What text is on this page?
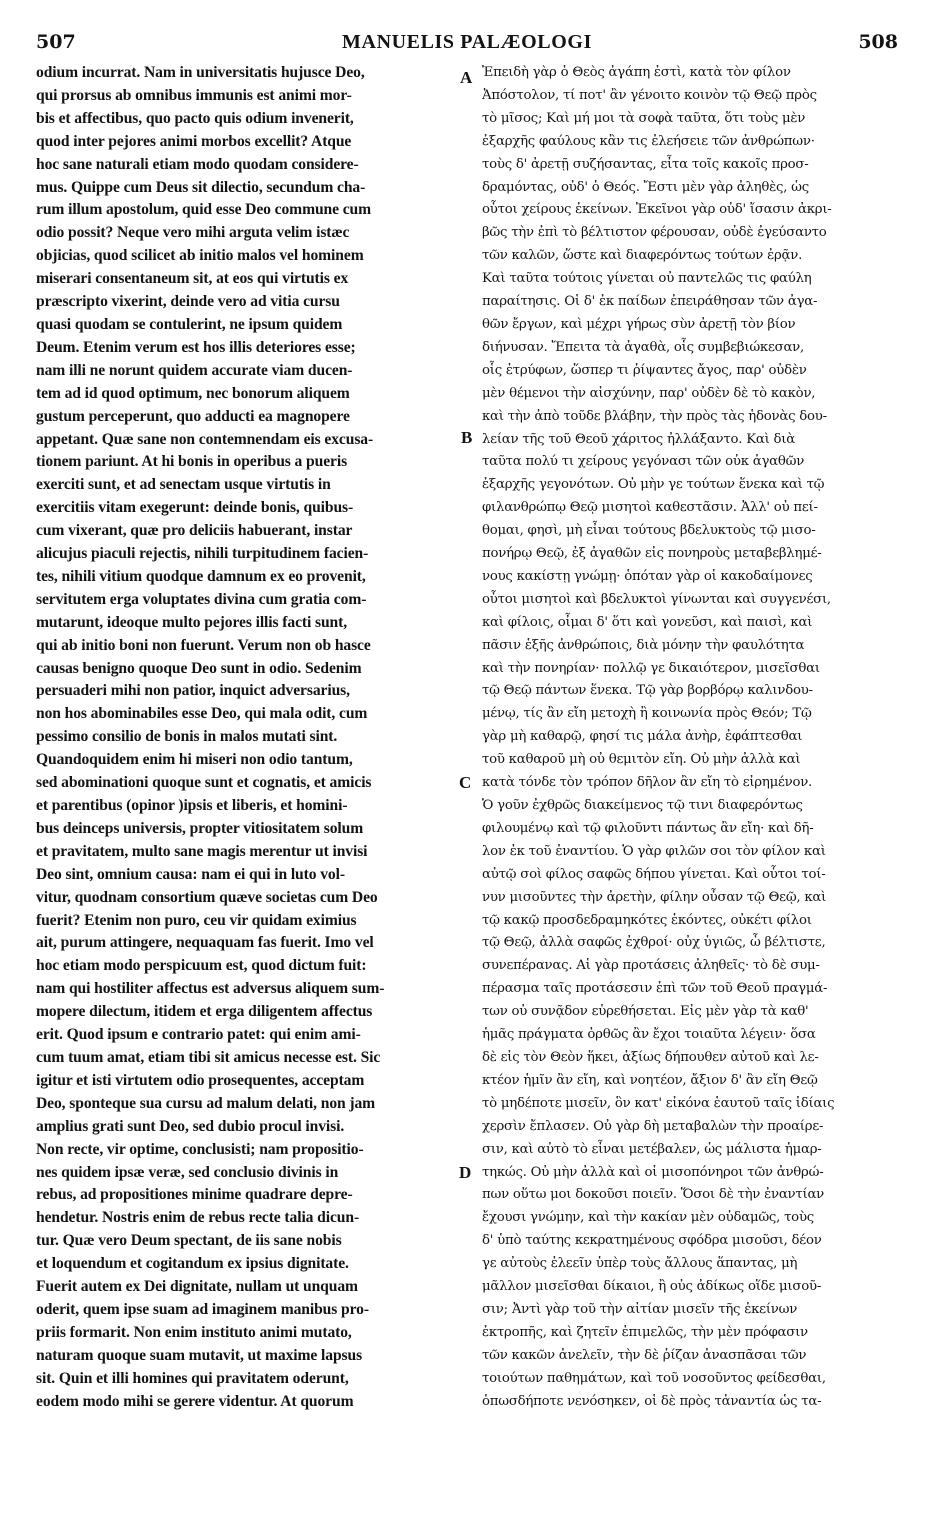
507	MANUELIS PALÆOLOGI	508
odium incurrat. Nam in universitatis hujusce Deo,
qui prorsus ab omnibus immunis est animi mor-
bis et affectibus, quo pacto quis odium invenerit,
quod inter pejores animi morbos excellit? Atque
hoc sane naturali etiam modo quodam considere-
mus. Quippe cum Deus sit dilectio, secundum cha-
rum illum apostolum, quid esse Deo commune cum
odio possit? Neque vero mihi arguta velim istæc
objicias, quod scilicet ab initio malos vel hominem
miserari consentaneum sit, at eos qui virtutis ex
præscripto vixerint, deinde vero ad vitia cursu
quasi quodam se contulerint, ne ipsum quidem
Deum. Etenim verum est hos illis deteriores esse;
nam illi ne norunt quidem accurate viam ducen-
tem ad id quod optimum, nec bonorum aliquem
gustum perceperunt, quo adducti ea magnopere
appetant. Quæ sane non contemnendam eis excusa-
tionem pariunt. At hi bonis in operibus a pueris
exerciti sunt, et ad senectam usque virtutis in
exercitiis vitam exegerunt: deinde bonis, quibus-
cum vixerant, quæ pro deliciis habuerant, instar
alicujus piaculi rejectis, nihili turpitudinem facien-
tes, nihili vitium quodque damnum ex eo provenit,
servitutem erga voluptates divina cum gratia com-
mutarunt, ideoque multo pejores illis facti sunt,
qui ab initio boni non fuerunt. Verum non ob hasce
causas benigno quoque Deo sunt in odio. Sedenim
persuaderi mihi non patior, inquict adversarius,
non hos abominabiles esse Deo, qui mala odit, cum
pessimo consilio de bonis in malos mutati sint.
Quandoquidem enim hi miseri non odio tantum,
sed abominationi quoque sunt et cognatis, et amicis
et parentibus (opinor )ipsis et liberis, et homini-
bus deinceps universis, propter vitiositatem solum
et pravitatem, multo sane magis merentur ut invisi
Deo sint, omnium causa: nam ei qui in luto vol-
vitur, quodnam consortium quæve societas cum Deo
fuerit? Etenim non puro, ceu vir quidam eximius
ait, purum attingere, nequaquam fas fuerit. Imo vel
hoc etiam modo perspicuum est, quod dictum fuit:
nam qui hostiliter affectus est adversus aliquem sum-
mopere dilectum, itidem et erga diligentem affectus
erit. Quod ipsum e contrario patet: qui enim ami-
cum tuum amat, etiam tibi sit amicus necesse est. Sic
igitur et isti virtutem odio prosequentes, acceptam
Deo, sponteque sua cursu ad malum delati, non jam
amplius grati sunt Deo, sed dubio procul invisi.
Non recte, vir optime, conclusisti; nam propositio-
nes quidem ipsæ veræ, sed conclusio divinis in
rebus, ad propositiones minime quadrare depre-
hendetur. Nostris enim de rebus recte talia dicun-
tur. Quæ vero Deum spectant, de iis sane nobis
et loquendum et cogitandum ex ipsius dignitate.
Fuerit autem ex Dei dignitate, nullam ut unquam
oderit, quem ipse suam ad imaginem manibus pro-
priis formarit. Non enim instituto animi mutato,
naturam quoque suam mutavit, ut maxime lapsus
sit. Quin et illi homines qui pravitatem oderunt,
eodem modo mihi se gerere videntur. At quorum
Ἐπειδὴ γὰρ ὁ Θεὸς ἀγάπη ἐστὶ, κατὰ τὸν φίλον
Ἀπόστολον, τί ποτ' ἂν γένοιτο κοινὸν τῷ Θεῷ πρὸς
τὸ μῖσος; Καὶ μή μοι τὰ σοφὰ ταῦτα, ὅτι τοὺς μὲν
ἐξαρχῆς φαύλους κἂν τις ἐλεήσειε τῶν ἀνθρώπων·
τοὺς δ' ἀρετῇ συζήσαντας, εἶτα τοῖς κακοῖς προσ-
δραμόντας, οὐδ' ὁ Θεός. Ἔστι μὲν γὰρ ἀληθὲς, ὡς
οὗτοι χείρους ἐκείνων. Ἐκεῖνοι γὰρ οὐδ' ἴσασιν ἀκρι-
βῶς τὴν ἐπὶ τὸ βέλτιστον φέρουσαν, οὐδὲ ἐγεύσαντο
τῶν καλῶν, ὥστε καὶ διαφερόντως τούτων ἐρᾷν.
Καὶ ταῦτα τούτοις γίνεται οὐ παντελῶς τις φαύλη
παραίτησις. Οἱ δ' ἐκ παίδων ἐπειράθησαν τῶν ἀγα-
θῶν ἔργων, καὶ μέχρι γήρως σὺν ἀρετῇ τὸν βίον
διήνυσαν. Ἔπειτα τὰ ἀγαθὰ, οἷς συμβεβιώκεσαν,
οἷς ἐτρύφων, ὥσπερ τι ῥίψαντες ἄγος, παρ' οὐδὲν
μὲν θέμενοι τὴν αἰσχύνην, παρ' οὐδὲν δὲ τὸ κακὸν,
καὶ τὴν ἀπὸ τοῦδε βλάβην, τὴν πρὸς τὰς ἡδονὰς δου-
λείαν τῆς τοῦ Θεοῦ χάριτος ἠλλάξαντο. Καὶ διὰ
ταῦτα πολύ τι χείρους γεγόνασι τῶν οὐκ ἀγαθῶν
ἐξαρχῆς γεγονότων. Οὐ μὴν γε τούτων ἕνεκα καὶ τῷ
φιλανθρώπῳ Θεῷ μισητοὶ καθεστᾶσιν. Ἀλλ' οὐ πεί-
θομαι, φησὶ, μὴ εἶναι τούτους βδελυκτοὺς τῷ μισο-
πονήρῳ Θεῷ, ἐξ ἀγαθῶν εἰς πονηροὺς μεταβεβλημέ-
νους κακίστῃ γνώμῃ· ὁπόταν γὰρ οἱ κακοδαίμονες
οὗτοι μισητοὶ καὶ βδελυκτοὶ γίνωνται καὶ συγγενέσι,
καὶ φίλοις, οἶμαι δ' ὅτι καὶ γονεῦσι, καὶ παισὶ, καὶ
πᾶσιν ἑξῆς ἀνθρώποις, διὰ μόνην τὴν φαυλότητα
καὶ τὴν πονηρίαν· πολλῷ γε δικαιότερον, μισεῖσθαι
τῷ Θεῷ πάντων ἕνεκα. Τῷ γὰρ βορβόρῳ καλινδου-
μένῳ, τίς ἂν εἴη μετοχὴ ἢ κοινωνία πρὸς Θεόν; Τῷ
γὰρ μὴ καθαρῷ, φησί τις μάλα ἀνὴρ, ἐφάπτεσθαι
τοῦ καθαροῦ μὴ οὐ θεμιτὸν εἴη. Οὐ μὴν ἀλλὰ καὶ
κατὰ τόνδε τὸν τρόπον δῆλον ἂν εἴη τὸ εἰρημένον.
Ὁ γοῦν ἐχθρῶς διακείμενος τῷ τινι διαφερόντως
φιλουμένῳ καὶ τῷ φιλοῦντι πάντως ἂν εἴη· καὶ δῆ-
λον ἐκ τοῦ ἐναντίου. Ὁ γὰρ φιλῶν σοι τὸν φίλον καὶ
αὐτῷ σοὶ φίλος σαφῶς δήπου γίνεται. Καὶ οὗτοι τοί-
νυν μισοῦντες τὴν ἀρετὴν, φίλην οὖσαν τῷ Θεῷ, καὶ
τῷ κακῷ προσδεδραμηκότες ἑκόντες, οὐκέτι φίλοι
τῷ Θεῷ, ἀλλὰ σαφῶς ἐχθροί· οὐχ ὑγιῶς, ὦ βέλτιστε,
συνεπέρανας. Αἱ γὰρ προτάσεις ἀληθεῖς· τὸ δὲ συμ-
πέρασμα ταῖς προτάσεσιν ἐπὶ τῶν τοῦ Θεοῦ πραγμά-
των οὐ συνᾷδον εὑρεθήσεται. Εἰς μὲν γὰρ τὰ καθ'
ἡμᾶς πράγματα ὀρθῶς ἂν ἔχοι τοιαῦτα λέγειν· ὅσα
δὲ εἰς τὸν Θεὸν ἥκει, ἀξίως δήπουθεν αὐτοῦ καὶ λε-
κτέον ἡμῖν ἂν εἴη, καὶ νοητέον, ἄξιον δ' ἂν εἴη Θεῷ
τὸ μηδέποτε μισεῖν, ὃν κατ' εἰκόνα ἑαυτοῦ ταῖς ἰδίαις
χερσὶν ἔπλασεν. Οὐ γὰρ δὴ μεταβαλὼν τὴν προαίρε-
σιν, καὶ αὐτὸ τὸ εἶναι μετέβαλεν, ὡς μάλιστα ἡμαρ-
τηκώς. Οὐ μὴν ἀλλὰ καὶ οἱ μισοπόνηροι τῶν ἀνθρώ-
πων οὕτω μοι δοκοῦσι ποιεῖν. Ὅσοι δὲ τὴν ἐναντίαν
ἔχουσι γνώμην, καὶ τὴν κακίαν μὲν οὐδαμῶς, τοὺς
δ' ὑπὸ ταύτης κεκρατημένους σφόδρα μισοῦσι, δέον
γε αὐτοὺς ἐλεεῖν ὑπὲρ τοὺς ἄλλους ἅπαντας, μὴ
μᾶλλον μισεῖσθαι δίκαιοι, ἢ οὐς ἀδίκως οἵδε μισοῦ-
σιν; Ἀντὶ γὰρ τοῦ τὴν αἰτίαν μισεῖν τῆς ἐκείνων
ἐκτροπῆς, καὶ ζητεῖν ἐπιμελῶς, τὴν μὲν πρόφασιν
τῶν κακῶν ἀνελεῖν, τὴν δὲ ῥίζαν ἀνασπᾶσαι τῶν
τοιούτων παθημάτων, καὶ τοῦ νοσοῦντος φείδεσθαι,
ὁπωσδήποτε νενόσηκεν, οἱ δὲ πρὸς τἀναντία ὡς τα-
A
B
C
D
